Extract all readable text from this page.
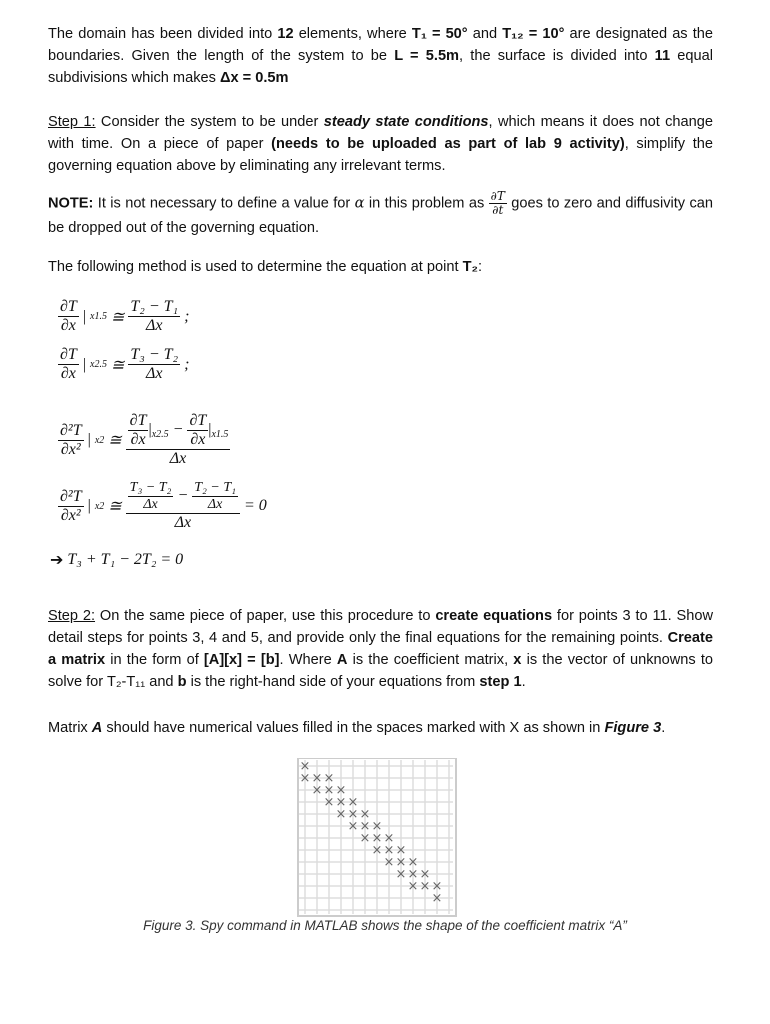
The domain has been divided into 12 elements, where T₁ = 50° and T₁₂ = 10° are designated as the boundaries. Given the length of the system to be L = 5.5m, the surface is divided into 11 equal subdivisions which makes Δx = 0.5m
Step 1: Consider the system to be under steady state conditions, which means it does not change with time. On a piece of paper (needs to be uploaded as part of lab 9 activity), simplify the governing equation above by eliminating any irrelevant terms.
NOTE: It is not necessary to define a value for α in this problem as $\frac{\partial T}{\partial t}$ goes to zero and diffusivity can be dropped out of the governing equation.
The following method is used to determine the equation at point T₂:
∂T
∂x
| x1.5 ≅
T₂ − T₁
Δx
;
∂T
∂x
| x2.5 ≅
T₃ − T₂
Δx
;
∂²T
∂x²
| x2 ≅ $\frac{\partial T}{\partial x} |_{x2.5} - \frac{\partial T}{\partial x} |_{x1.5}$
Δx
∂²T
∂x²
| x2 ≅ $\frac{\frac{\text{T₃ − T₂}}{\Delta x} - \frac{\text{T₂ − T₁}}{\Delta x}}{\Delta x} = 0$
➔ T₃ + T₁ − 2T₂ = 0
Step 2: On the same piece of paper, use this procedure to create equations for points 3 to 11. Show detail steps for points 3, 4 and 5, and provide only the final equations for the remaining points. Create a matrix in the form of [A][x] = [b]. Where A is the coefficient matrix, x is the vector of unknowns to solve for T₂-T₁₁ and b is the right-hand side of your equations from step 1.
Matrix A should have numerical values filled in the spaces marked with X as shown in Figure 3.
×
× × ×
× × ×
× × ×
× × ×
× × ×
× × ×
× × ×
× × ×
× × ×
× × ×
×
Figure 3. Spy command in MATLAB shows the shape of the coefficient matrix “A”
